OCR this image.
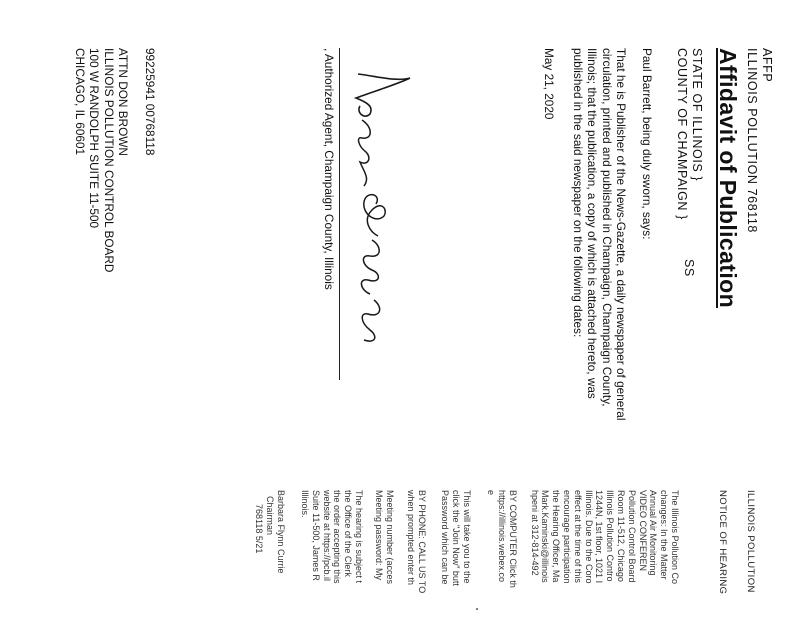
AFFP
ILLINOIS POLLUTION 768118
Affidavit of Publication
STATE OF ILLINOIS }
COUNTY OF CHAMPAIGN }
SS
Paul Barrett, being duly sworn, says:
That he is Publisher of the News-Gazette, a daily newspaper of general circulation, printed and published in Champaign, Champaign County, Illinois; that the publication, a copy of which is attached hereto, was published in the said newspaper on the following dates:
May 21, 2020
, Authorized Agent, Champaign County, Illinois
99225941 00768118
ATTN DON BROWN
ILLINOIS POLLUTION CONTROL BOARD
100 W RANDOLPH SUITE 11-500
CHICAGO, IL 60601
ILLINOIS POLLUTION
NOTICE OF HEARING
The Illinois Pollution Co
changes: In the Matter
Annual Air Monitoring
VIDEO CONFEREN
Pollution Control Board
Room 11-512, Chicago
Illinois Pollution Contro
1244N, 1st floor, 1021 I
Illinois. Due to the Coro
effect at the time of this
encourage participation
the Hearing Officer, Ma
Mark.Kaminski@illinois
hpeni at 312-814-492
BY COMPUTER Click th
https://illinois.webex.co
e
This will take you to the
click the "Join Now" butt
Password which can be
BY PHONE: CALL US TO
when prompted enter th
Meeting number (acces
Meeting password: My
The hearing is subject t
the Office of the Clerk
the order accepting this
website at https://pcb.il
Suite 11-500, James R
Illinois.
Barbara Flynn Currie
Chairman
768118 5/21
